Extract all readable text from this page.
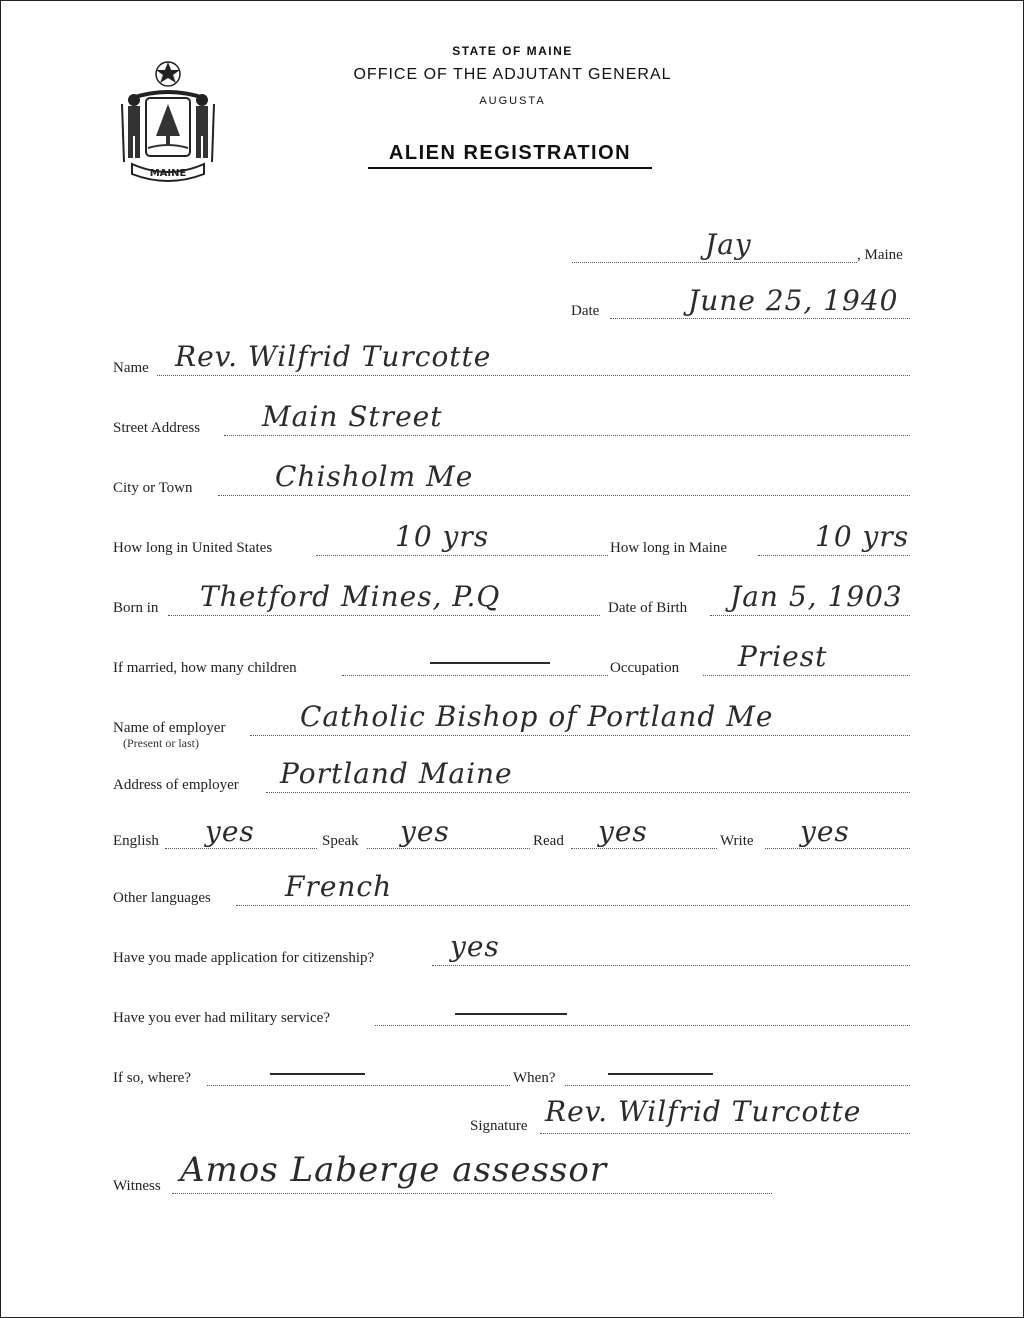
MAINE
STATE OF MAINE
OFFICE OF THE ADJUTANT GENERAL
AUGUSTA
ALIEN REGISTRATION
Jay	, Maine
Date	June 25, 1940
Name Rev. Wilfrid Turcotte
Street Address Main Street
City or Town	Chisholm Me
How long in United States	10 yrs	How long in Maine	10 yrs
Born in Thetford Mines, P.Q	Date of Birth Jan 5, 1903
If married, how many children	Occupation Priest
Name of employer
(Present or last)
Catholic Bishop of Portland Me
Address of employer Portland Maine
English yes	Speak yes	Read yes	Write yes
Other languages	French
Have you made application for citizenship?	yes
Have you ever had military service?
If so, where?	When?
Signature Rev. Wilfrid Turcotte
Witness Amos Laberge assessor
